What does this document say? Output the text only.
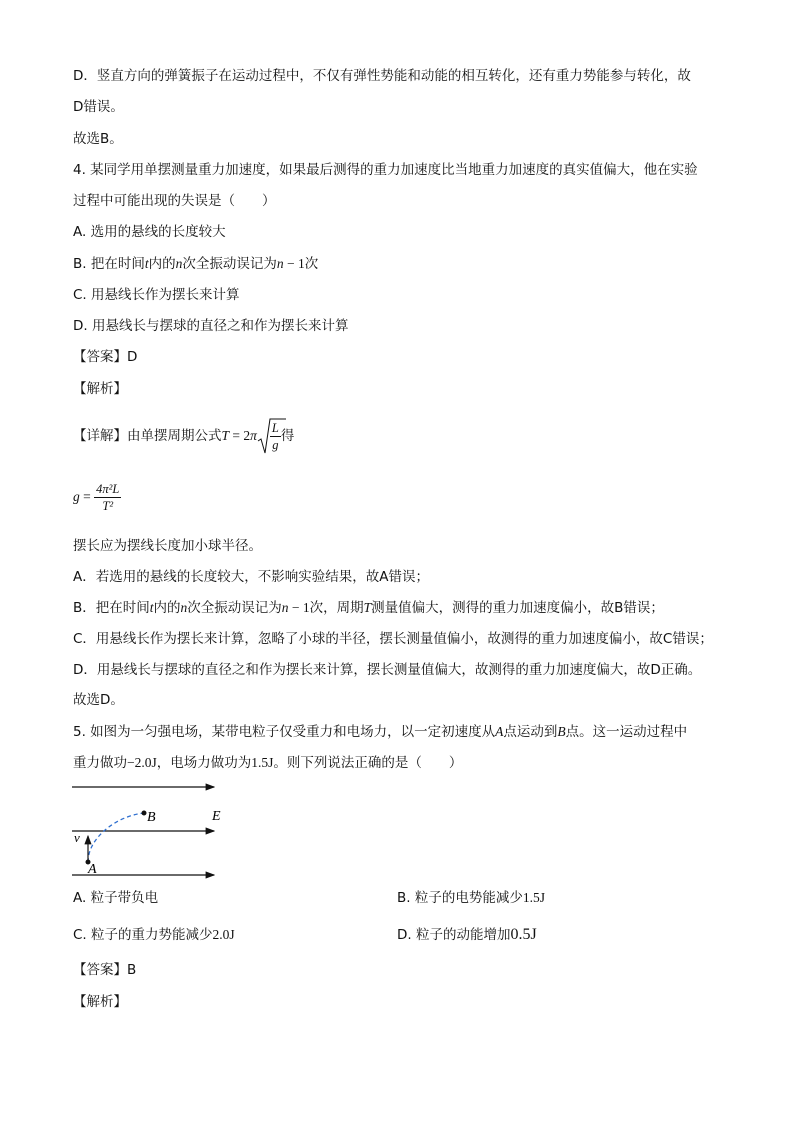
D．竖直方向的弹簧振子在运动过程中，不仅有弹性势能和动能的相互转化，还有重力势能参与转化，故
D错误。
故选B。
4. 某同学用单摆测量重力加速度，如果最后测得的重力加速度比当地重力加速度的真实值偏大，他在实验
过程中可能出现的失误是（　　）
A. 选用的悬线的长度较大
B. 把在时间t内的n次全振动误记为n − 1次
C. 用悬线长作为摆长来计算
D. 用悬线长与摆球的直径之和作为摆长来计算
【答案】D
【解析】
【详解】由单摆周期公式$T = 2\pi \frac{L}{g}$ 得
$g = \frac{\text{4π²L}}{\text{T²}}$
摆长应为摆线长度加小球半径。
A．若选用的悬线的长度较大，不影响实验结果，故A错误；
B．把在时间t内的n次全振动误记为n − 1次，周期T测量值偏大，测得的重力加速度偏小，故B错误；
C．用悬线长作为摆长来计算，忽略了小球的半径，摆长测量值偏小，故测得的重力加速度偏小，故C错误；
D．用悬线长与摆球的直径之和作为摆长来计算，摆长测量值偏大，故测得的重力加速度偏大，故D正确。
故选D。
5. 如图为一匀强电场，某带电粒子仅受重力和电场力，以一定初速度从A点运动到B点。这一运动过程中
重力做功−2.0J，电场力做功为1.5J。则下列说法正确的是（　　）
B	E
v
A
A. 粒子带负电	B. 粒子的电势能减少1.5J
C. 粒子的重力势能减少2.0J	D. 粒子的动能增加0.5J
【答案】B
【解析】
